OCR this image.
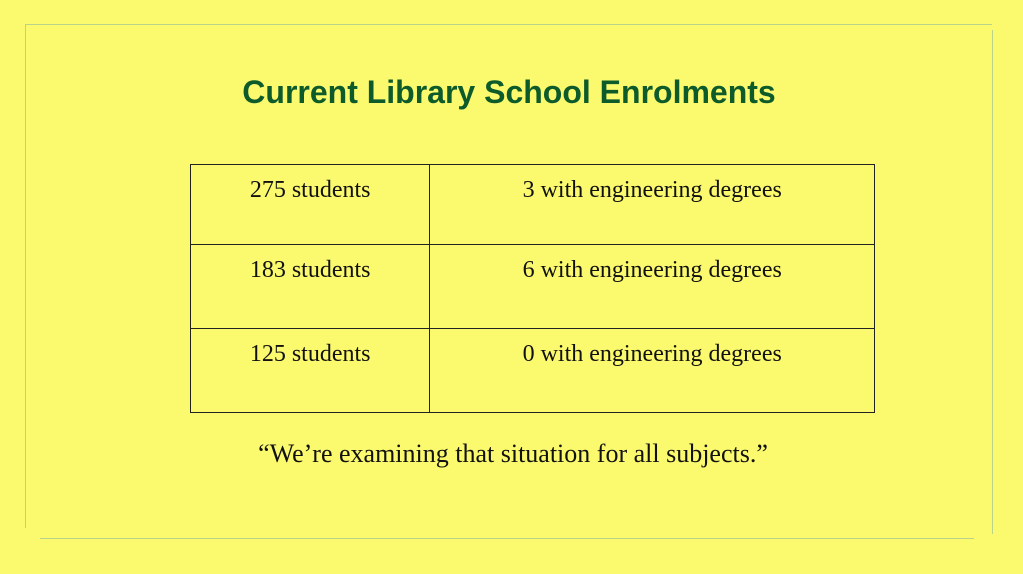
Current Library School Enrolments
275 students	3 with engineering degrees
183 students	6 with engineering degrees
125 students	0 with engineering degrees

“We’re examining that situation for all subjects.”
